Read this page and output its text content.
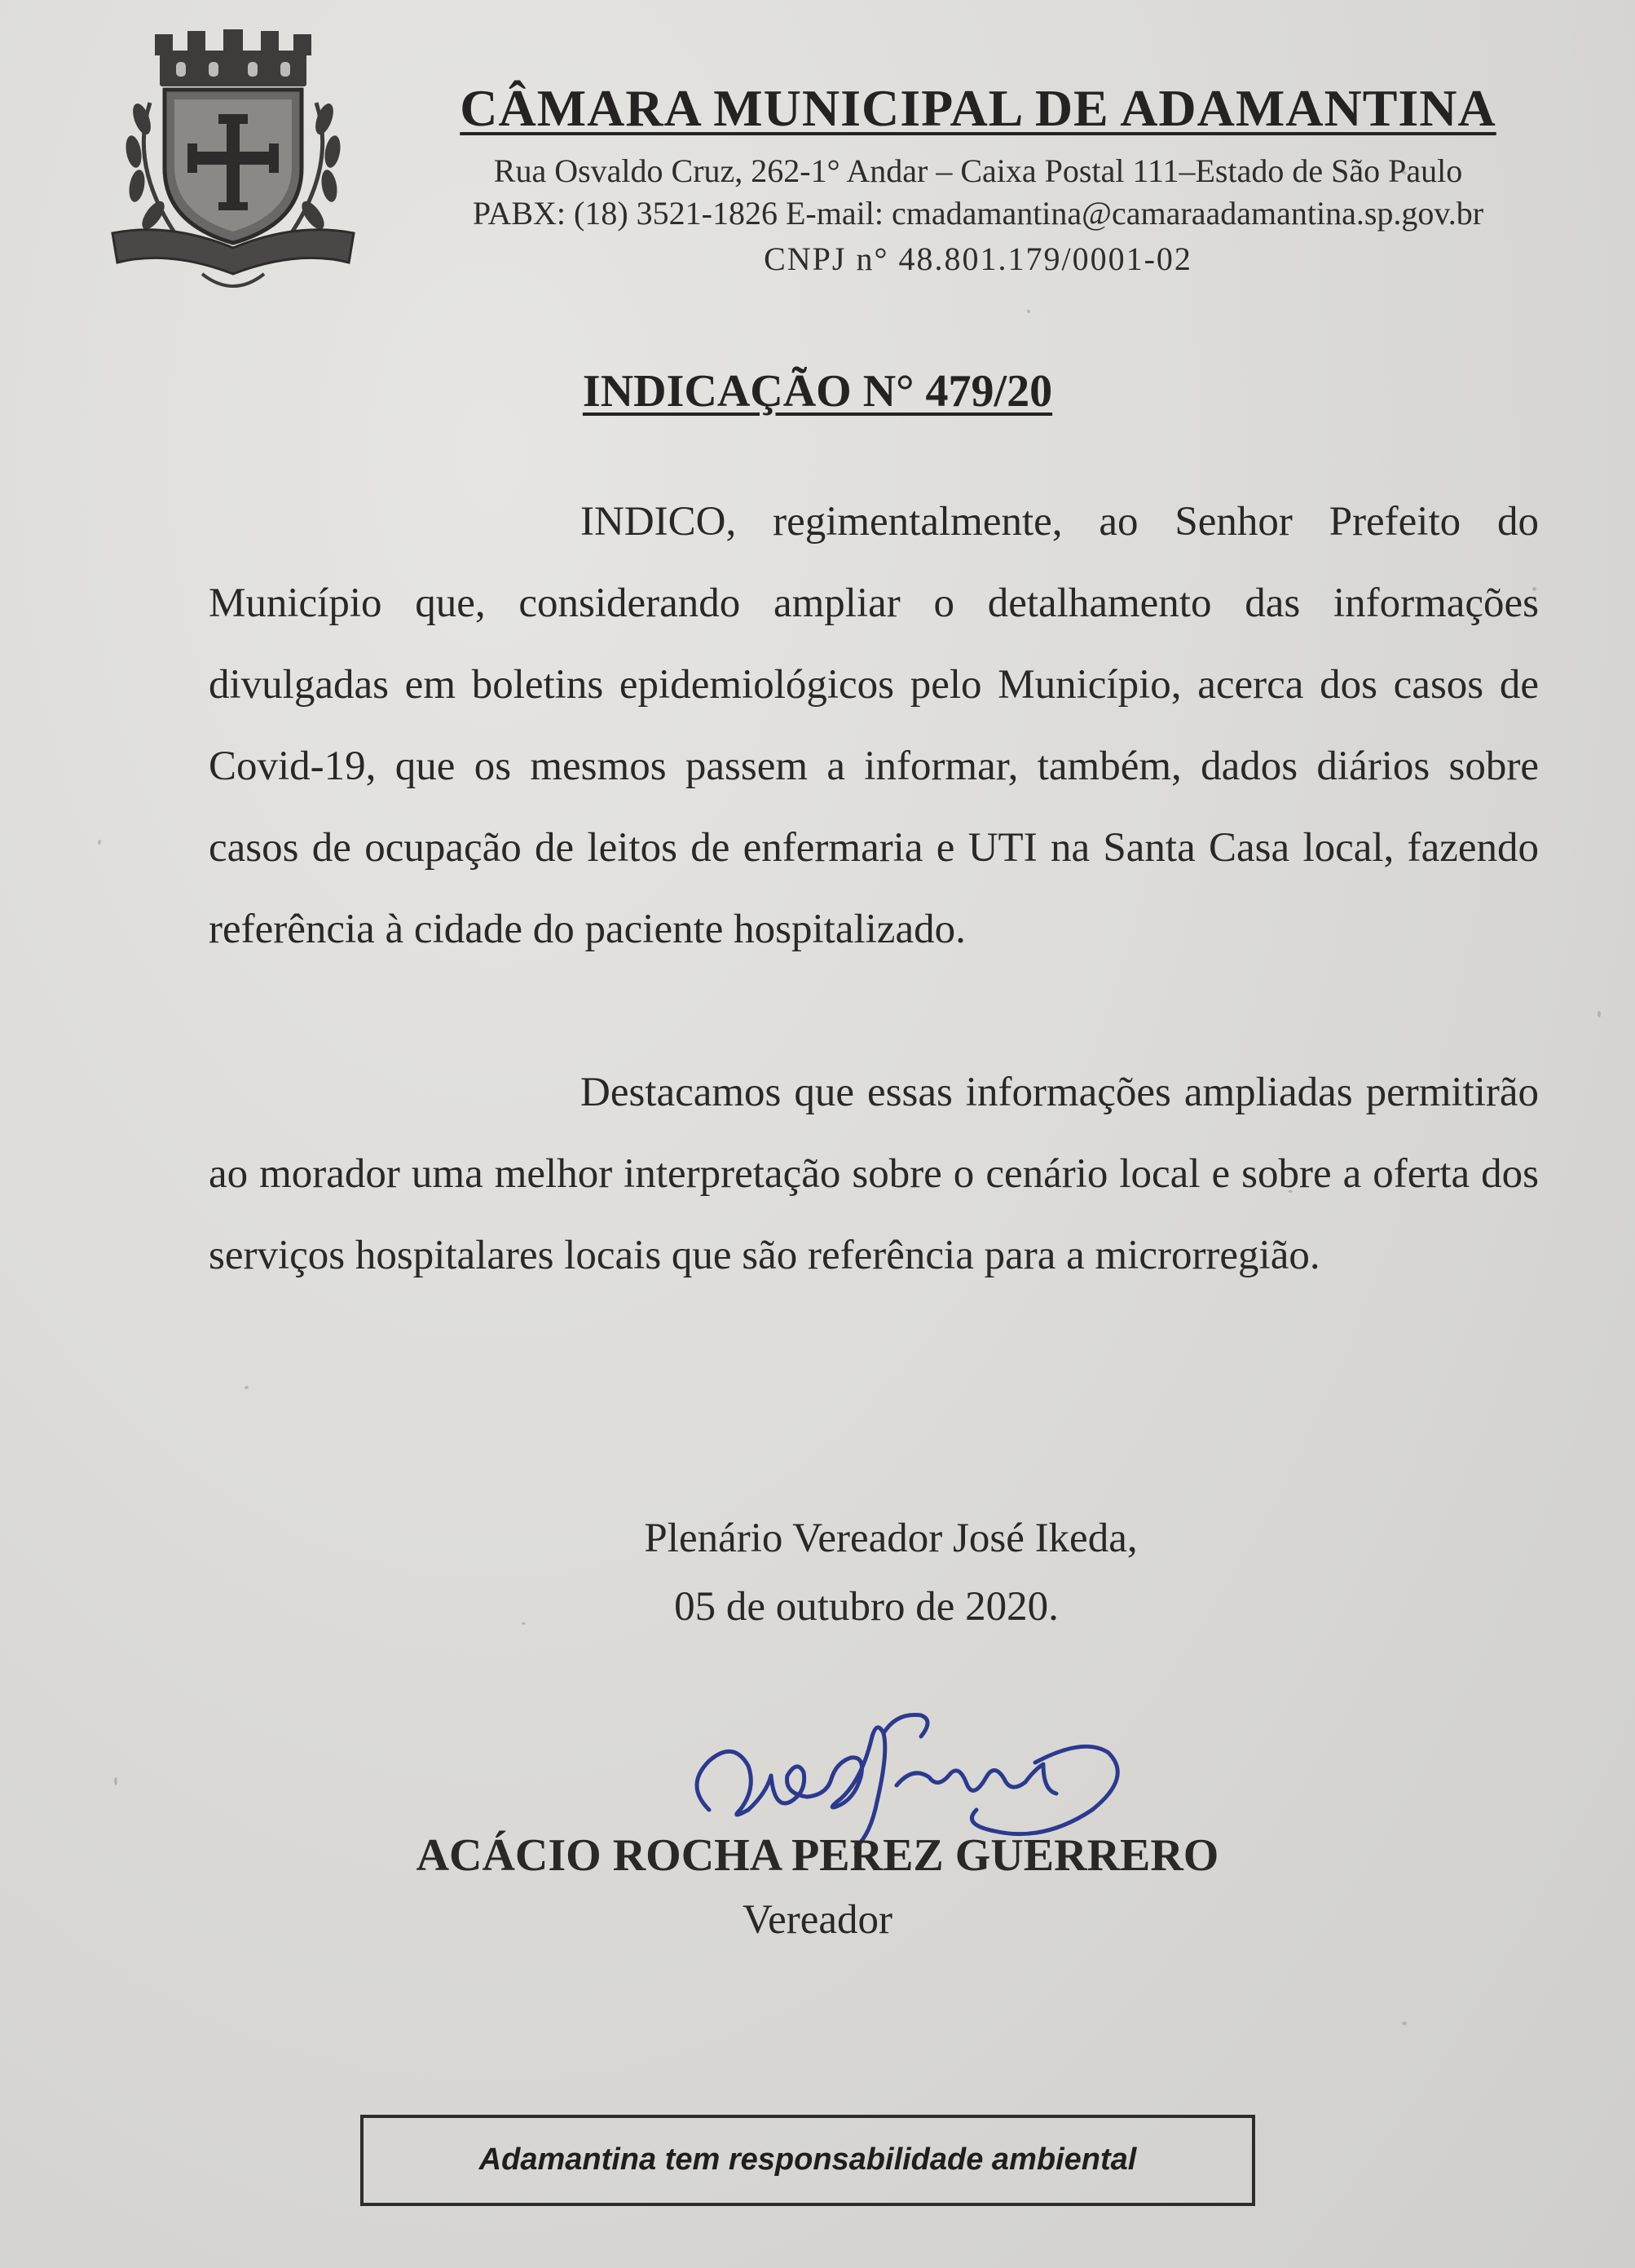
CÂMARA MUNICIPAL DE ADAMANTINA
Rua Osvaldo Cruz, 262-1° Andar – Caixa Postal 111–Estado de São Paulo
PABX: (18) 3521-1826 E-mail: cmadamantina@camaraadamantina.sp.gov.br
CNPJ n° 48.801.179/0001-02
INDICAÇÃO N° 479/20
INDICO, regimentalmente, ao Senhor Prefeito do Município que, considerando ampliar o detalhamento das informações divulgadas em boletins epidemiológicos pelo Município, acerca dos casos de Covid-19, que os mesmos passem a informar, também, dados diários sobre casos de ocupação de leitos de enfermaria e UTI na Santa Casa local, fazendo referência à cidade do paciente hospitalizado.
Destacamos que essas informações ampliadas permitirão ao morador uma melhor interpretação sobre o cenário local e sobre a oferta dos serviços hospitalares locais que são referência para a microrregião.
Plenário Vereador José Ikeda,
05 de outubro de 2020.
ACÁCIO ROCHA PEREZ GUERRERO
Vereador
Adamantina tem responsabilidade ambiental
